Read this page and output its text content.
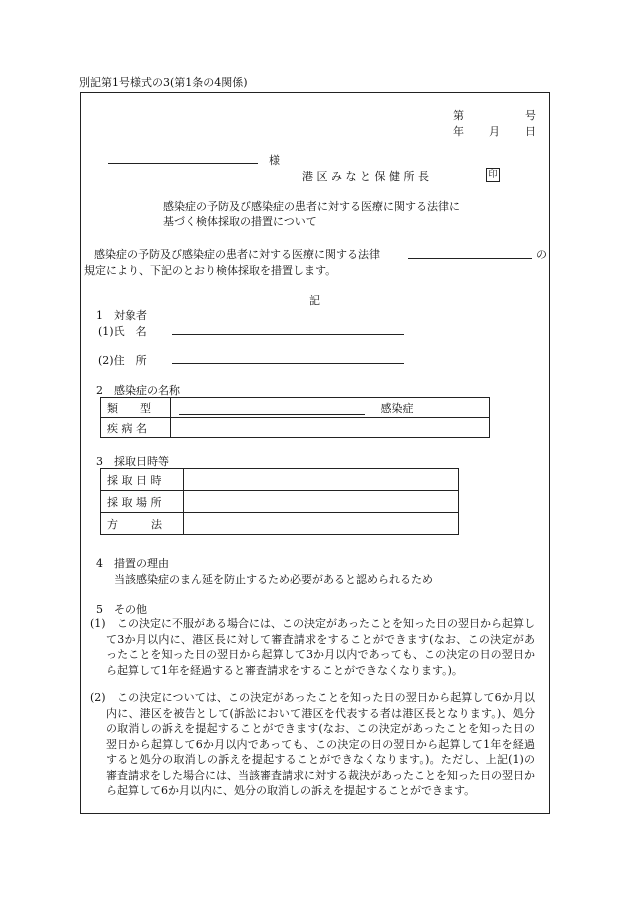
別記第1号様式の3(第1条の4関係)
第	号
年 月 日
様
港 区 み な と 保 健 所 長	印
感染症の予防及び感染症の患者に対する医療に関する法律に
基づく検体採取の措置について
感染症の予防及び感染症の患者に対する医療に関する法律	の
規定により、下記のとおり検体採取を措置します。
記
1　対象者
(1)氏　名
(2)住　所
2　感染症の名称
類　　型	感染症
疾 病 名	
3　採取日時等
採 取 日 時	
採 取 場 所	
方　　　法	
4　措置の理由
当該感染症のまん延を防止するため必要があると認められるため
5　その他
(1) 　この決定に不服がある場合には、この決定があったことを知った日の翌日から起算して3か月以内に、港区長に対して審査請求をすることができます(なお、この決定があったことを知った日の翌日から起算して3か月以内であっても、この決定の日の翌日から起算して1年を経過すると審査請求をすることができなくなります。)。
(2) 　この決定については、この決定があったことを知った日の翌日から起算して6か月以内に、港区を被告として(訴訟において港区を代表する者は港区長となります。)、処分の取消しの訴えを提起することができます(なお、この決定があったことを知った日の翌日から起算して6か月以内であっても、この決定の日の翌日から起算して1年を経過すると処分の取消しの訴えを提起することができなくなります。)。ただし、上記(1)の審査請求をした場合には、当該審査請求に対する裁決があったことを知った日の翌日から起算して6か月以内に、処分の取消しの訴えを提起することができます。
